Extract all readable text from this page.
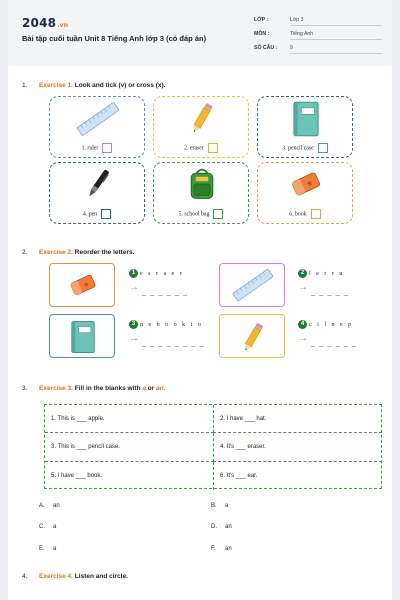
2048.vn
Bài tập cuối tuần Unit 8 Tiếng Anh lớp 3 (có đáp án)
LỚP :	Lớp 3
MÔN :	Tiếng Anh
SỐ CÂU : 9
1. Exercise 1. Look and tick (v) or cross (x).
1. ruler	2. eraser	3. pencil case
4. pen	5. school bag	6. book
2. Exercise 2. Reorder the letters.
1 e s r a e r
→ _ _ _ _ _ _
2 l e r r u
→ _ _ _ _ _
3 n e b o o k t o
→ _ _ _ _ _ _ _ _
4 c i l n e p
→ _ _ _ _ _ _
3. Exercise 3. Fill in the blanks with a or an.
1. This is ___ apple.	2. I have ___ hat.
3. This is ___ pencil case.	4. It's ___ eraser.
5. I have ___ book.	6. It's ___ ear.
A. an	B. a
C. a	D. an
E. a	F. an
4. Exercise 4. Listen and circle.
